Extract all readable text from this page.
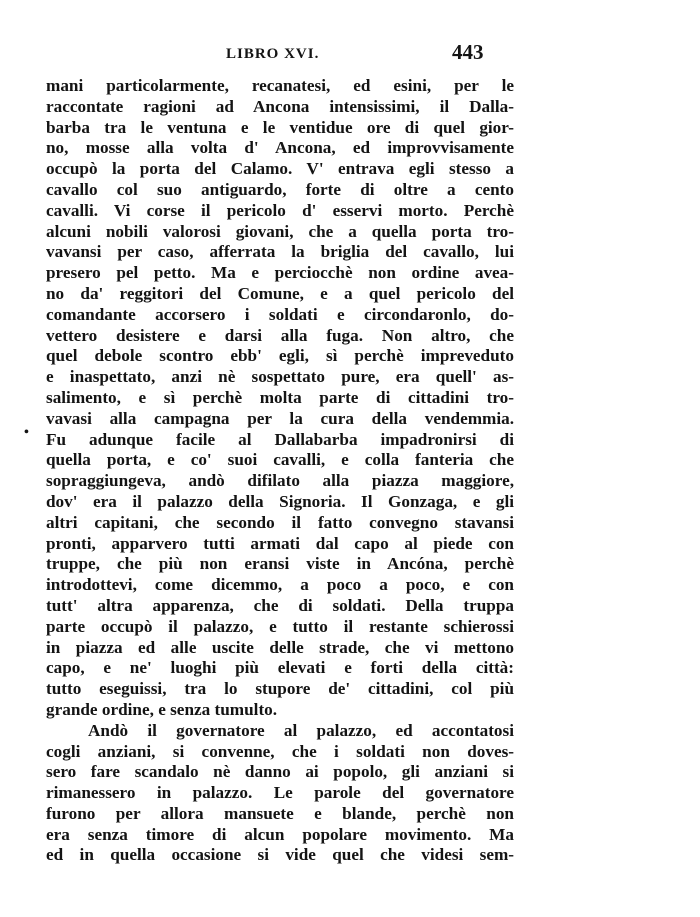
LIBRO XVI.	443
•
mani particolarmente, recanatesi, ed esini, per le
raccontate ragioni ad Ancona intensissimi, il Dalla-
barba tra le ventuna e le ventidue ore di quel gior-
no, mosse alla volta d' Ancona, ed improvvisamente
occupò la porta del Calamo. V' entrava egli stesso a
cavallo col suo antiguardo, forte di oltre a cento
cavalli. Vi corse il pericolo d' esservi morto. Perchè
alcuni nobili valorosi giovani, che a quella porta tro-
vavansi per caso, afferrata la briglia del cavallo, lui
presero pel petto. Ma e perciocchè non ordine avea-
no da' reggitori del Comune, e a quel pericolo del
comandante accorsero i soldati e circondaronlo, do-
vettero desistere e darsi alla fuga. Non altro, che
quel debole scontro ebb' egli, sì perchè impreveduto
e inaspettato, anzi nè sospettato pure, era quell' as-
salimento, e sì perchè molta parte di cittadini tro-
vavasi alla campagna per la cura della vendemmia.
Fu adunque facile al Dallabarba impadronirsi di
quella porta, e co' suoi cavalli, e colla fanteria che
sopraggiungeva, andò difilato alla piazza maggiore,
dov' era il palazzo della Signoria. Il Gonzaga, e gli
altri capitani, che secondo il fatto convegno stavansi
pronti, apparvero tutti armati dal capo al piede con
truppe, che più non eransi viste in Ancóna, perchè
introdottevi, come dicemmo, a poco a poco, e con
tutt' altra apparenza, che di soldati. Della truppa
parte occupò il palazzo, e tutto il restante schierossi
in piazza ed alle uscite delle strade, che vi mettono
capo, e ne' luoghi più elevati e forti della città:
tutto eseguissi, tra lo stupore de' cittadini, col più
grande ordine, e senza tumulto.
Andò il governatore al palazzo, ed accontatosi
cogli anziani, si convenne, che i soldati non doves-
sero fare scandalo nè danno ai popolo, gli anziani si
rimanessero in palazzo. Le parole del governatore
furono per allora mansuete e blande, perchè non
era senza timore di alcun popolare movimento. Ma
ed in quella occasione si vide quel che videsi sem-
